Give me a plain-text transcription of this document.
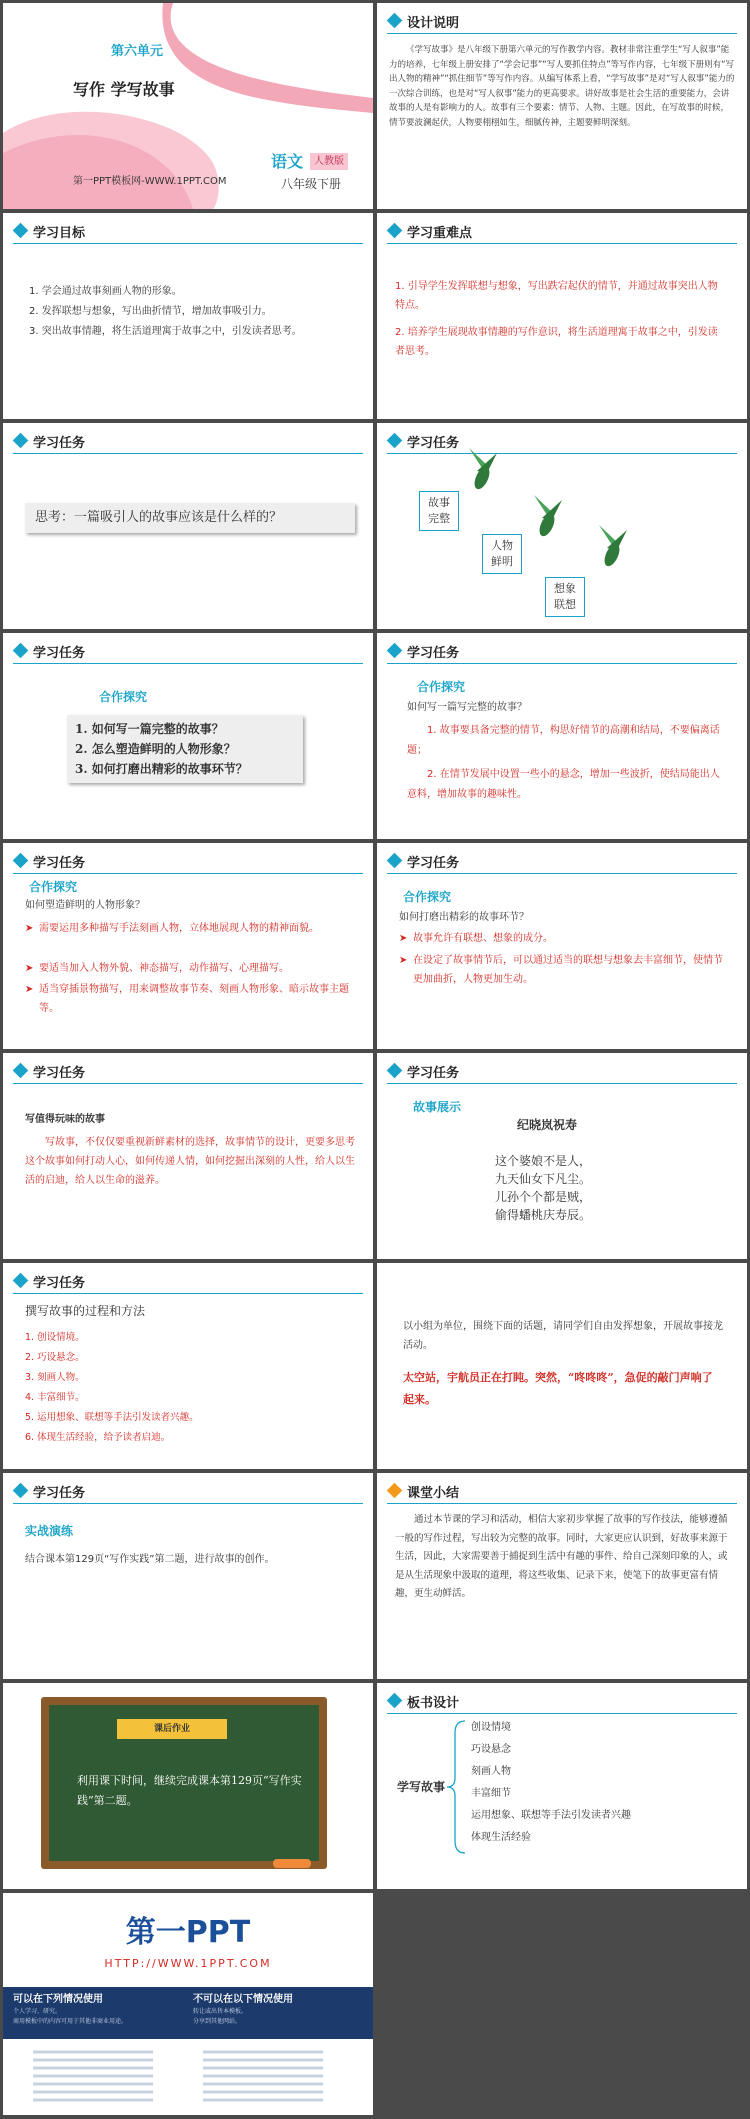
第六单元
写作 学写故事
第一PPT模板网-WWW.1PPT.COM
语文	人教版
八年级下册
设计说明
《学写故事》是八年级下册第六单元的写作教学内容。教材非常注重学生“写人叙事”能力的培养，七年级上册安排了“学会记事”“写人要抓住特点”等写作内容，七年级下册则有“写出人物的精神”“抓住细节”等写作内容。从编写体系上看，“学写故事”是对“写人叙事”能力的一次综合训练，也是对“写人叙事”能力的更高要求。讲好故事是社会生活的重要能力，会讲故事的人是有影响力的人。故事有三个要素：情节、人物、主题。因此，在写故事的时候，情节要波澜起伏，人物要栩栩如生，细腻传神，主题要鲜明深刻。
学习目标
1. 学会通过故事刻画人物的形象。
2. 发挥联想与想象，写出曲折情节，增加故事吸引力。
3. 突出故事情趣，将生活道理寓于故事之中，引发读者思考。
学习重难点
1. 引导学生发挥联想与想象，写出跌宕起伏的情节，并通过故事突出人物特点。
2. 培养学生展现故事情趣的写作意识，将生活道理寓于故事之中，引发读者思考。
学习任务
思考：一篇吸引人的故事应该是什么样的？
学习任务
故事
完整
人物
鲜明
想象
联想
学习任务
合作探究
1. 如何写一篇完整的故事？
2. 怎么塑造鲜明的人物形象？
3. 如何打磨出精彩的故事环节？
学习任务
合作探究
如何写一篇写完整的故事？
1. 故事要具备完整的情节，构思好情节的高潮和结局，不要偏离话题；
2. 在情节发展中设置一些小的悬念，增加一些波折，使结局能出人意料，增加故事的趣味性。
学习任务
合作探究
如何塑造鲜明的人物形象？
➤ 需要运用多种描写手法刻画人物，立体地展现人物的精神面貌。
➤ 要适当加入人物外貌、神态描写，动作描写、心理描写。
➤ 适当穿插景物描写，用来调整故事节奏、刻画人物形象、暗示故事主题等。
学习任务
合作探究
如何打磨出精彩的故事环节？
➤ 故事允许有联想、想象的成分。
➤ 在设定了故事情节后，可以通过适当的联想与想象去丰富细节，使情节更加曲折，人物更加生动。
学习任务
写值得玩味的故事
写故事，不仅仅要重视新鲜素材的选择，故事情节的设计，更要多思考这个故事如何打动人心，如何传递人情，如何挖掘出深刻的人性，给人以生活的启迪，给人以生命的滋养。
学习任务
故事展示
纪晓岚祝寿
这个婆娘不是人，
九天仙女下凡尘。
儿孙个个都是贼，
偷得蟠桃庆寿辰。
学习任务
撰写故事的过程和方法
1. 创设情境。
2. 巧设悬念。
3. 刻画人物。
4. 丰富细节。
5. 运用想象、联想等手法引发读者兴趣。
6. 体现生活经验，给予读者启迪。
以小组为单位，围绕下面的话题，请同学们自由发挥想象，开展故事接龙活动。
太空站，宇航员正在打盹。突然，“咚咚咚”，急促的敲门声响了起来。
学习任务
实战演练
结合课本第129页“写作实践”第二题，进行故事的创作。
课堂小结
通过本节课的学习和活动，相信大家初步掌握了故事的写作技法，能够遵循一般的写作过程，写出较为完整的故事。同时，大家更应认识到，好故事来源于生活，因此，大家需要善于捕捉到生活中有趣的事件、给自己深刻印象的人，或是从生活现象中汲取的道理，将这些收集、记录下来，使笔下的故事更富有情趣，更生动鲜活。
课后作业
利用课下时间，继续完成课本第129页“写作实践”第二题。
板书设计
学写故事
创设情境
巧设悬念
刻画人物
丰富细节
运用想象、联想等手法引发读者兴趣
体现生活经验
第一PPT
HTTP://WWW.1PPT.COM
可以在下列情况使用
个人学习、研究。
商用模板中的内容可用于其他非商业用途。
不可以在以下情况使用
转让或出售本模板。
分享到其他网站。
